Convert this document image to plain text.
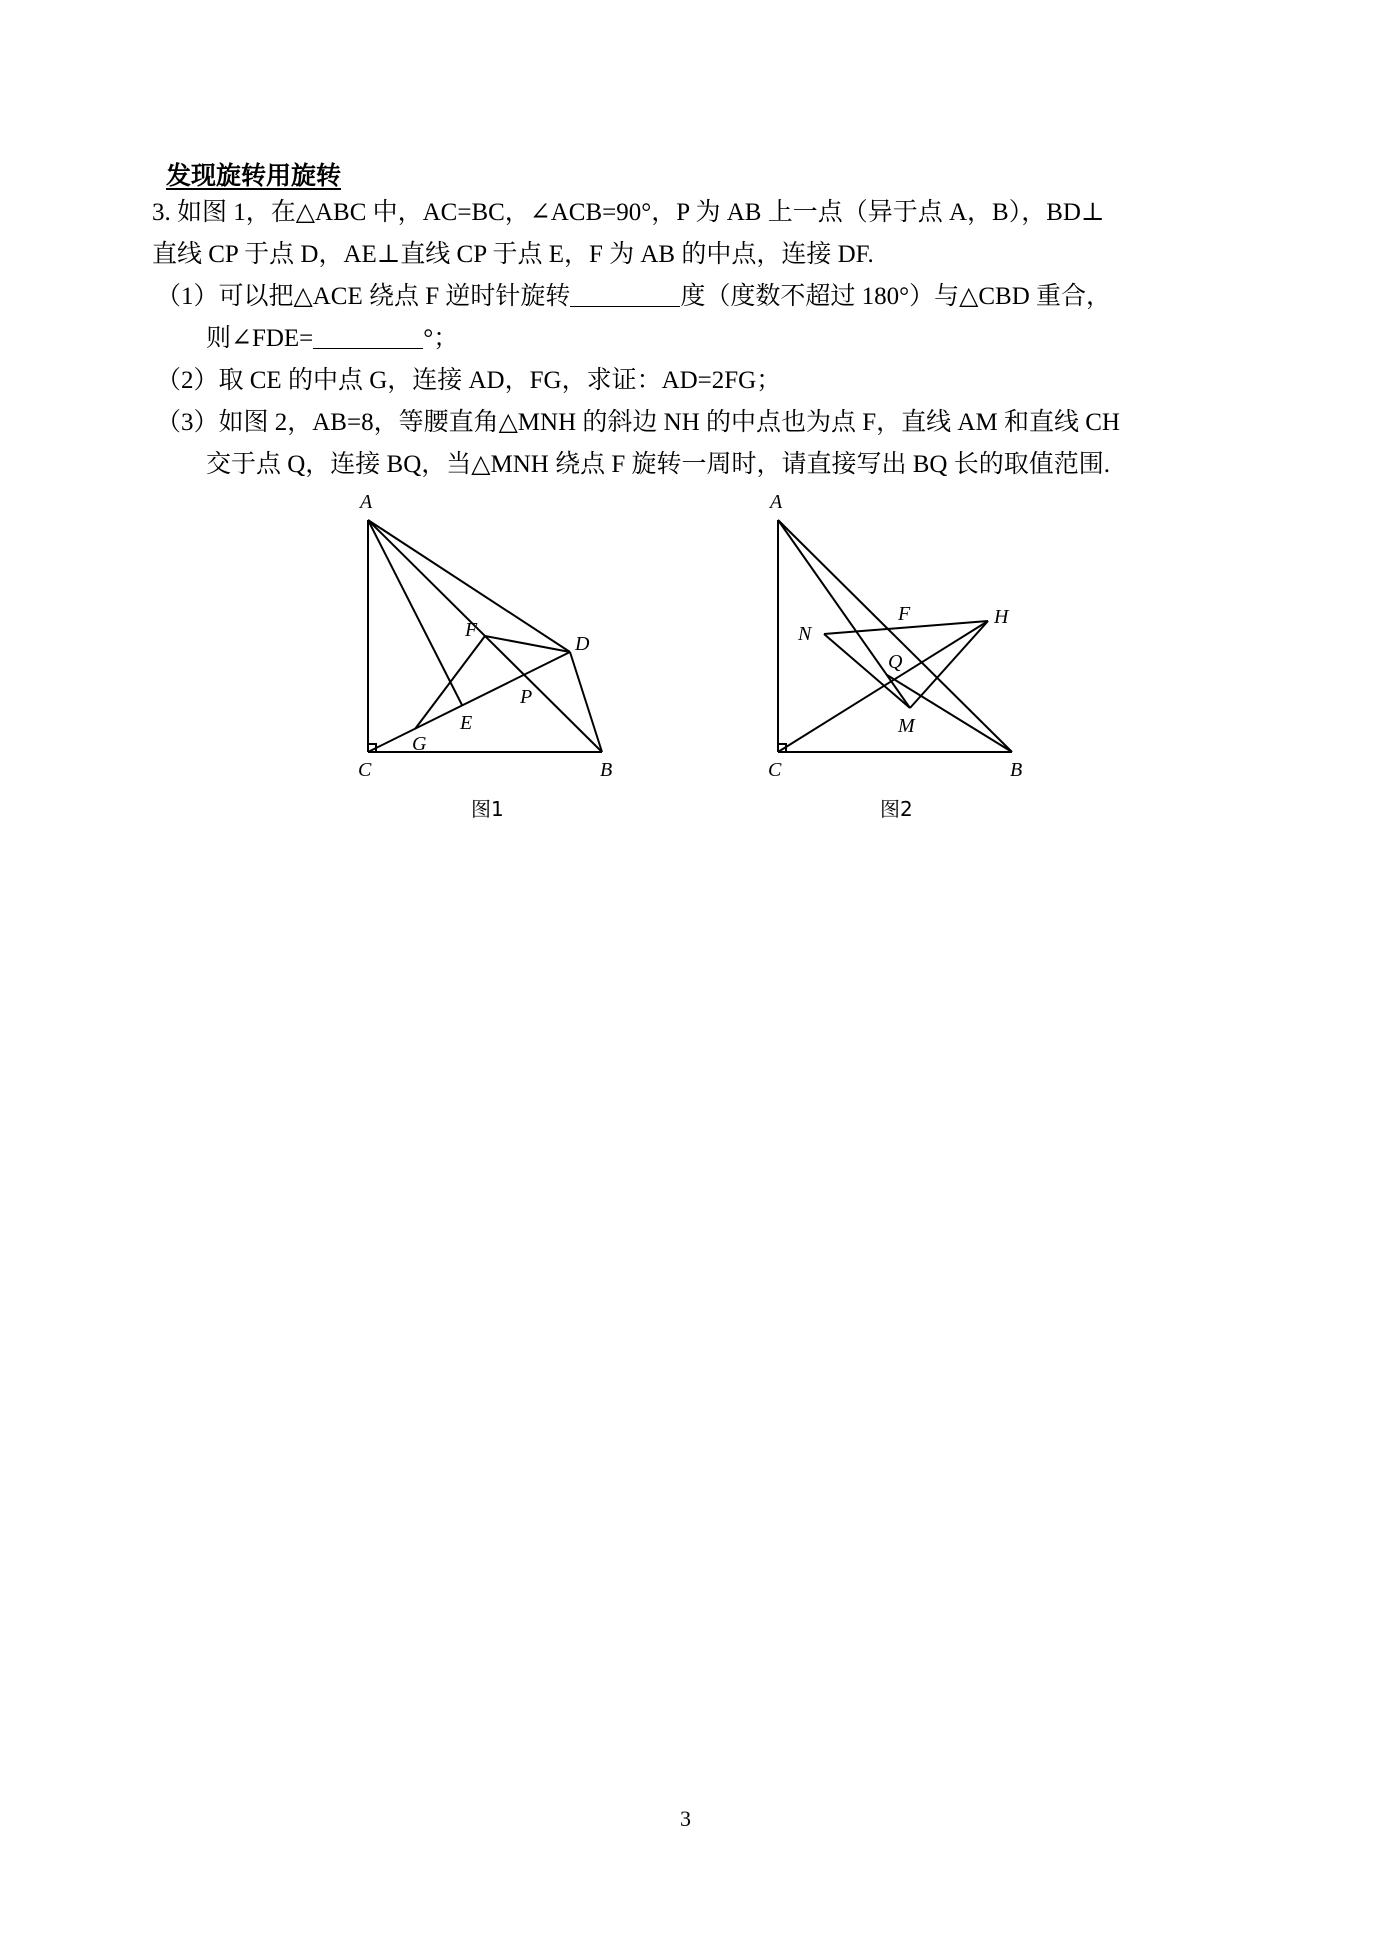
发现旋转用旋转
3. 如图 1，在△ABC 中，AC=BC，∠ACB=90°，P 为 AB 上一点（异于点 A，B），BD⊥
直线 CP 于点 D，AE⊥直线 CP 于点 E，F 为 AB 的中点，连接 DF.
（1）可以把△ACE 绕点 F 逆时针旋转	度（度数不超过 180°）与△CBD 重合，
则∠FDE=	°；
（2）取 CE 的中点 G，连接 AD，FG，求证：AD=2FG；
（3）如图 2，AB=8，等腰直角△MNH 的斜边 NH 的中点也为点 F，直线 AM 和直线 CH
交于点 Q，连接 BQ，当△MNH 绕点 F 旋转一周时，请直接写出 BQ 长的取值范围.
A
C	B
D
F
E
P
G
图1
A
C	B
F	H
N
Q
M
图2
3
